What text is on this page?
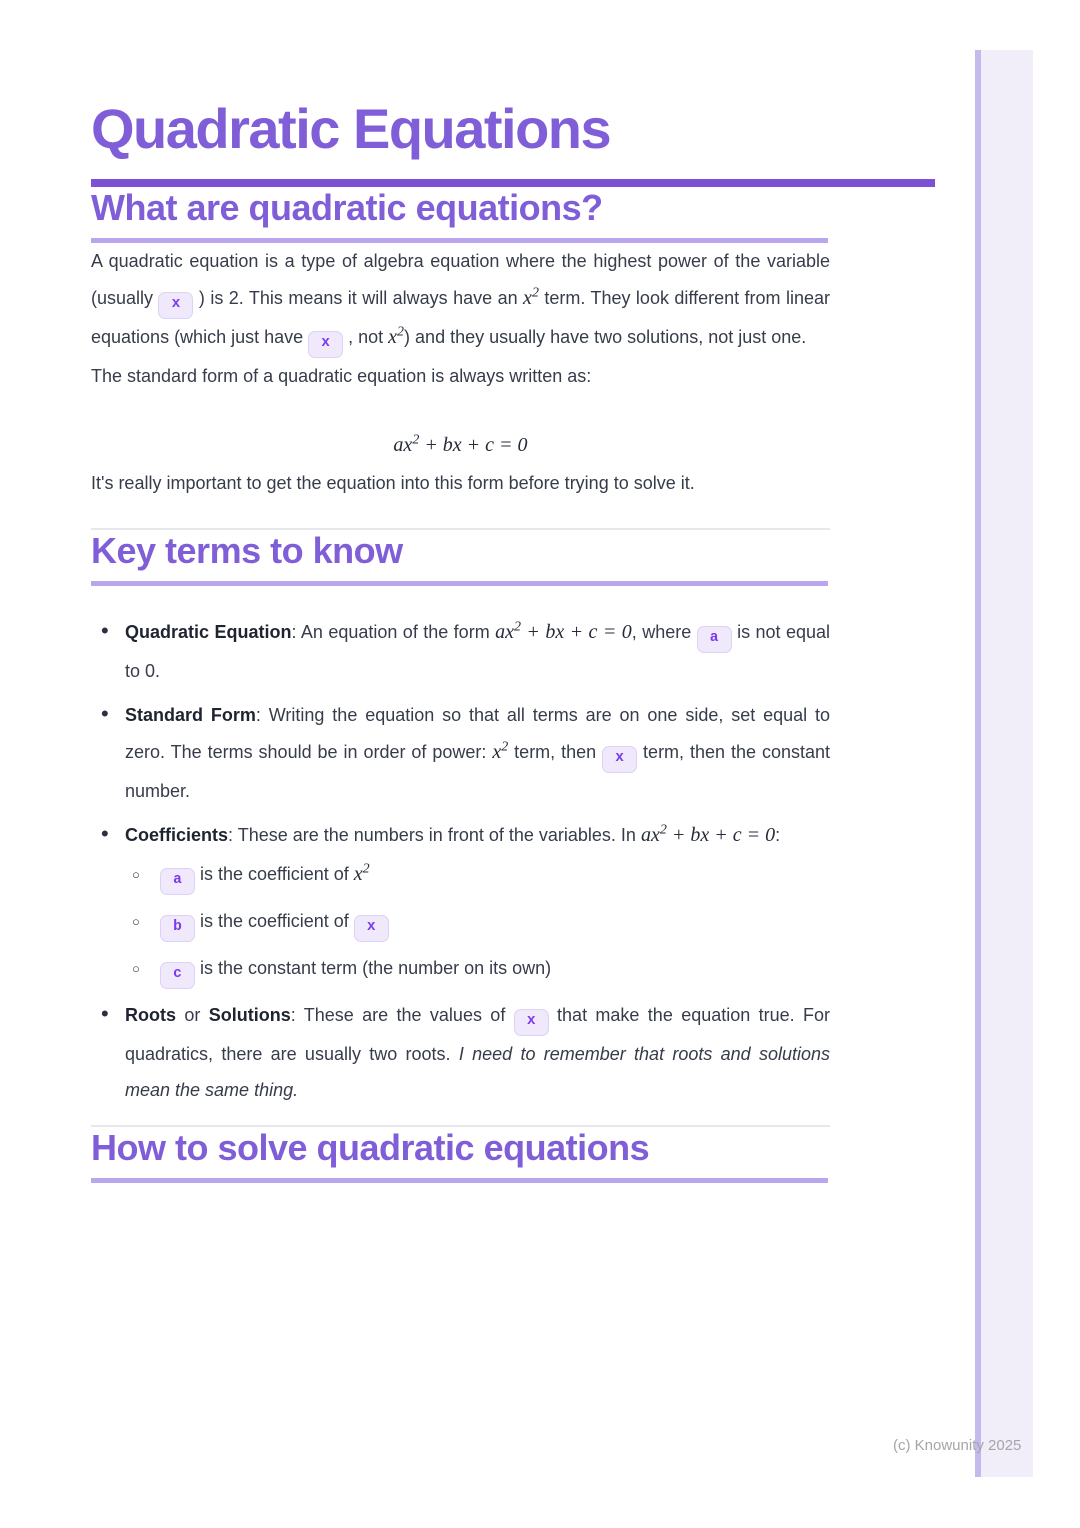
Quadratic Equations
What are quadratic equations?

A quadratic equation is a type of algebra equation where the highest power of the variable (usually x ) is 2. This means it will always have an $x^2$ term. They look different from linear equations (which just have x , not $x^2$) and they usually have two solutions, not just one.

The standard form of a quadratic equation is always written as:

$ax^2$ + bx + c = 0

It's really important to get the equation into this form before trying to solve it.

Key terms to know
• Quadratic Equation: An equation of the form $ax^2$ + bx + c = 0, where a is not equal to 0.
• Standard Form: Writing the equation so that all terms are on one side, set equal to zero. The terms should be in order of power: $x^2$ term, then x term, then the constant number.
• Coefficients: These are the numbers in front of the variables. In $ax^2$ + bx + c = 0:
○ a is the coefficient of $x^2$
○ b is the coefficient of x
○ c is the constant term (the number on its own)
• Roots or Solutions: These are the values of x that make the equation true. For quadratics, there are usually two roots. I need to remember that roots and solutions mean the same thing.
How to solve quadratic equations
(c) Knowunity 2025
